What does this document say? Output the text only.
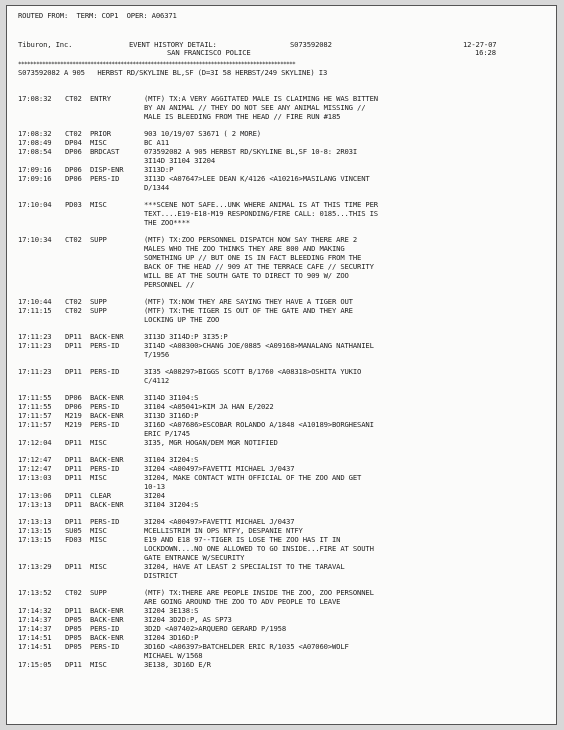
ROUTED FROM:  TERM: COP1  OPER: A06371
Tiburon, Inc.	EVENT HISTORY DETAIL:	S073592082
SAN FRANCISCO POLICE
12-27-07
16:28
********************************************************************************************
S073592082 A 905   HERBST RD/SKYLINE BL,SF (D=3I 58 HERBST/249 SKYLINE) I3
17:08:32	CT02	ENTRY	(MTF) TX:A VERY AGGITATED MALE IS CLAIMING HE WAS BITTEN
BY AN ANIMAL // THEY DO NOT SEE ANY ANIMAL MISSING //
MALE IS BLEEDING FROM THE HEAD // FIRE RUN #185
17:08:32	CT02	PRIOR	903 10/19/07 S3671 ( 2 MORE)
17:08:49	DP04	MISC	BC A11
17:08:54	DP06	BRDCAST	073592082 A 905 HERBST RD/SKYLINE BL,SF 10-8: 2R03I
3I14D 3I104 3I204
17:09:16	DP06	DISP-ENR	3I13D:P
17:09:16	DP06	PERS-ID	3I13D <A07647>LEE DEAN K/4126 <A10216>MASILANG VINCENT
D/1344
17:10:04	PD03	MISC	***SCENE NOT SAFE...UNK WHERE ANIMAL IS AT THIS TIME PER
TEXT....E19-E18-M19 RESPONDING/FIRE CALL: 0185...THIS IS
THE ZOO****
17:10:34	CT02	SUPP	(MTF) TX:ZOO PERSONNEL DISPATCH NOW SAY THERE ARE 2
MALES WHO THE ZOO THINKS THEY ARE 800 AND MAKING
SOMETHING UP // BUT ONE IS IN FACT BLEEDING FROM THE
BACK OF THE HEAD // 909 AT THE TERRACE CAFE // SECURITY
WILL BE AT THE SOUTH GATE TO DIRECT TO 909 W/ ZOO
PERSONNEL //
17:10:44	CT02	SUPP	(MTF) TX:NOW THEY ARE SAYING THEY HAVE A TIGER OUT
17:11:15	CT02	SUPP	(MTF) TX:THE TIGER IS OUT OF THE GATE AND THEY ARE
LOCKING UP THE ZOO
17:11:23	DP11	BACK-ENR	3I13D 3I14D:P 3I35:P
17:11:23	DP11	PERS-ID	3I14D <A08300>CHANG JOE/0885 <A09168>MANALANG NATHANIEL
T/1956
17:11:23	DP11	PERS-ID	3I35 <A08297>BIGGS SCOTT B/1760 <A08318>OSHITA YUKIO
C/4112
17:11:55	DP06	BACK-ENR	3I14D 3I104:S
17:11:55	DP06	PERS-ID	3I104 <A05041>KIM JA HAN E/2022
17:11:57	M219	BACK-ENR	3I13D 3I16D:P
17:11:57	M219	PERS-ID	3I16D <A07686>ESCOBAR ROLANDO A/1848 <A10189>BORGHESANI
ERIC P/1745
17:12:04	DP11	MISC	3I35, MGR HOGAN/DEM MGR NOTIFIED
17:12:47	DP11	BACK-ENR	3I104 3I204:S
17:12:47	DP11	PERS-ID	3I204 <A00497>FAVETTI MICHAEL J/0437
17:13:03	DP11	MISC	3I204, MAKE CONTACT WITH OFFICIAL OF THE ZOO AND GET
10-13
17:13:06	DP11	CLEAR	3I204
17:13:13	DP11	BACK-ENR	3I104 3I204:S
17:13:13	DP11	PERS-ID	3I204 <A00497>FAVETTI MICHAEL J/0437
17:13:15	SU05	MISC	MCELLISTRIM IN OPS NTFY, DESPANIE NTFY
17:13:15	FD03	MISC	E19 AND E18 97--TIGER IS LOSE THE ZOO HAS IT IN
LOCKDOWN....NO ONE ALLOWED TO GO INSIDE...FIRE AT SOUTH
GATE ENTRANCE W/SECURITY
17:13:29	DP11	MISC	3I204, HAVE AT LEAST 2 SPECIALIST TO THE TARAVAL
DISTRICT
17:13:52	CT02	SUPP	(MTF) TX:THERE ARE PEOPLE INSIDE THE ZOO, ZOO PERSONNEL
ARE GOING AROUND THE ZOO TO ADV PEOPLE TO LEAVE
17:14:32	DP11	BACK-ENR	3I204 3E138:S
17:14:37	DP05	BACK-ENR	3I204 3D2D:P, AS SP73
17:14:37	DP05	PERS-ID	3D2D <A07402>ARQUERO GERARD P/1958
17:14:51	DP05	BACK-ENR	3I204 3D16D:P
17:14:51	DP05	PERS-ID	3D16D <A06397>BATCHELDER ERIC R/1035 <A07060>WOLF
MICHAEL W/1568
17:15:05	DP11	MISC	3E138, 3D16D E/R
